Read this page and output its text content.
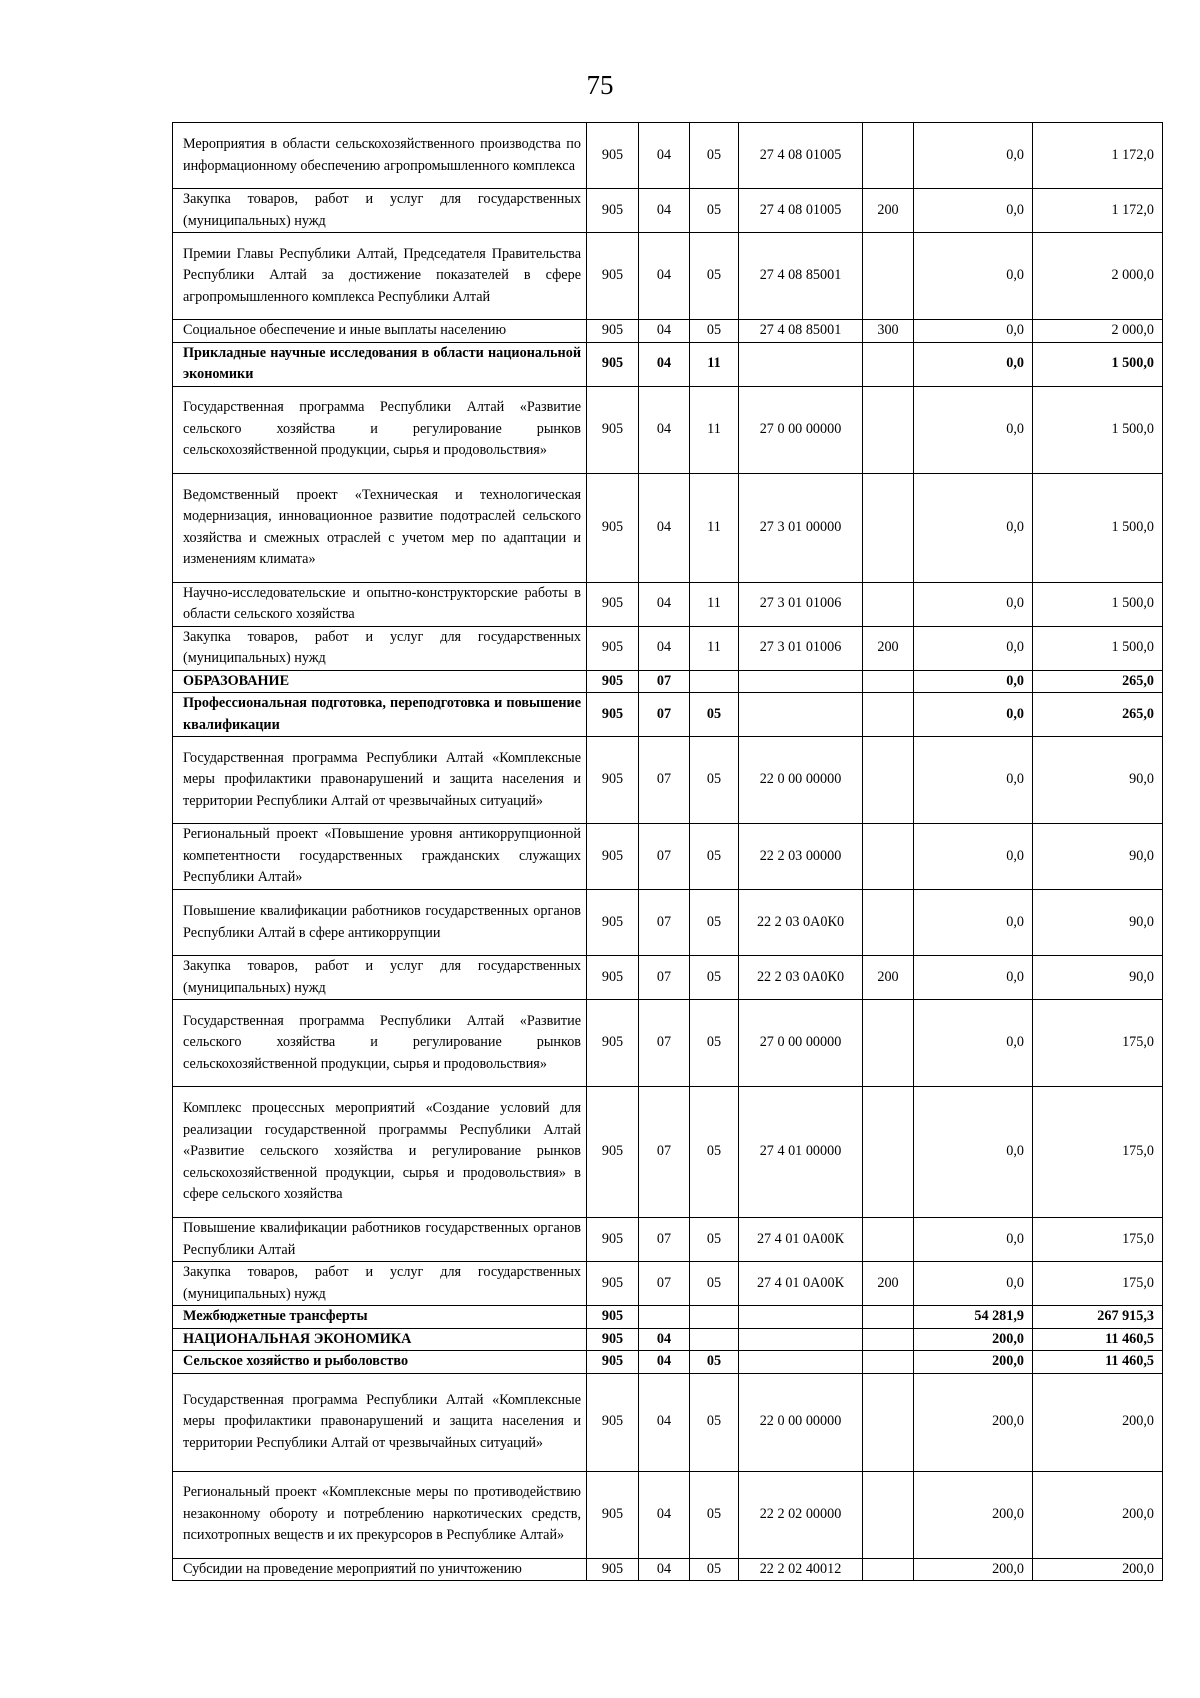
75
Мероприятия в области сельскохозяйственного производства по информационному обеспечению агропромышленного комплекса	905	04	05	27 4 08 01005		0,0	1 172,0
Закупка товаров, работ и услуг для государственных (муниципальных) нужд	905	04	05	27 4 08 01005	200	0,0	1 172,0
Премии Главы Республики Алтай, Председателя Правительства Республики Алтай за достижение показателей в сфере агропромышленного комплекса Республики Алтай	905	04	05	27 4 08 85001		0,0	2 000,0
Социальное обеспечение и иные выплаты населению	905	04	05	27 4 08 85001	300	0,0	2 000,0
Прикладные научные исследования в области национальной экономики	905	04	11			0,0	1 500,0
Государственная программа Республики Алтай «Развитие сельского хозяйства и регулирование рынков сельскохозяйственной продукции, сырья и продовольствия»	905	04	11	27 0 00 00000		0,0	1 500,0
Ведомственный проект «Техническая и технологическая модернизация, инновационное развитие подотраслей сельского хозяйства и смежных отраслей с учетом мер по адаптации и изменениям климата»	905	04	11	27 3 01 00000		0,0	1 500,0
Научно-исследовательские и опытно-конструкторские работы в области сельского хозяйства	905	04	11	27 3 01 01006		0,0	1 500,0
Закупка товаров, работ и услуг для государственных (муниципальных) нужд	905	04	11	27 3 01 01006	200	0,0	1 500,0
ОБРАЗОВАНИЕ	905	07				0,0	265,0
Профессиональная подготовка, переподготовка и повышение квалификации	905	07	05			0,0	265,0
Государственная программа Республики Алтай «Комплексные меры профилактики правонарушений и защита населения и территории Республики Алтай от чрезвычайных ситуаций»	905	07	05	22 0 00 00000		0,0	90,0
Региональный проект «Повышение уровня антикоррупционной компетентности государственных гражданских служащих Республики Алтай»	905	07	05	22 2 03 00000		0,0	90,0
Повышение квалификации работников государственных органов Республики Алтай в сфере антикоррупции	905	07	05	22 2 03 0А0К0		0,0	90,0
Закупка товаров, работ и услуг для государственных (муниципальных) нужд	905	07	05	22 2 03 0А0К0	200	0,0	90,0
Государственная программа Республики Алтай «Развитие сельского хозяйства и регулирование рынков сельскохозяйственной продукции, сырья и продовольствия»	905	07	05	27 0 00 00000		0,0	175,0
Комплекс процессных мероприятий «Создание условий для реализации государственной программы Республики Алтай «Развитие сельского хозяйства и регулирование рынков сельскохозяйственной продукции, сырья и продовольствия» в сфере сельского хозяйства	905	07	05	27 4 01 00000		0,0	175,0
Повышение квалификации работников государственных органов Республики Алтай	905	07	05	27 4 01 0А00К		0,0	175,0
Закупка товаров, работ и услуг для государственных (муниципальных) нужд	905	07	05	27 4 01 0А00К	200	0,0	175,0
Межбюджетные трансферты	905					54 281,9	267 915,3
НАЦИОНАЛЬНАЯ ЭКОНОМИКА	905	04				200,0	11 460,5
Сельское хозяйство и рыболовство	905	04	05			200,0	11 460,5
Государственная программа Республики Алтай «Комплексные меры профилактики правонарушений и защита населения и территории Республики Алтай от чрезвычайных ситуаций»	905	04	05	22 0 00 00000		200,0	200,0
Региональный проект «Комплексные меры по противодействию незаконному обороту и потреблению наркотических средств, психотропных веществ и их прекурсоров в Республике Алтай»	905	04	05	22 2 02 00000		200,0	200,0
Субсидии на проведение мероприятий по уничтожению	905	04	05	22 2 02 40012		200,0	200,0
